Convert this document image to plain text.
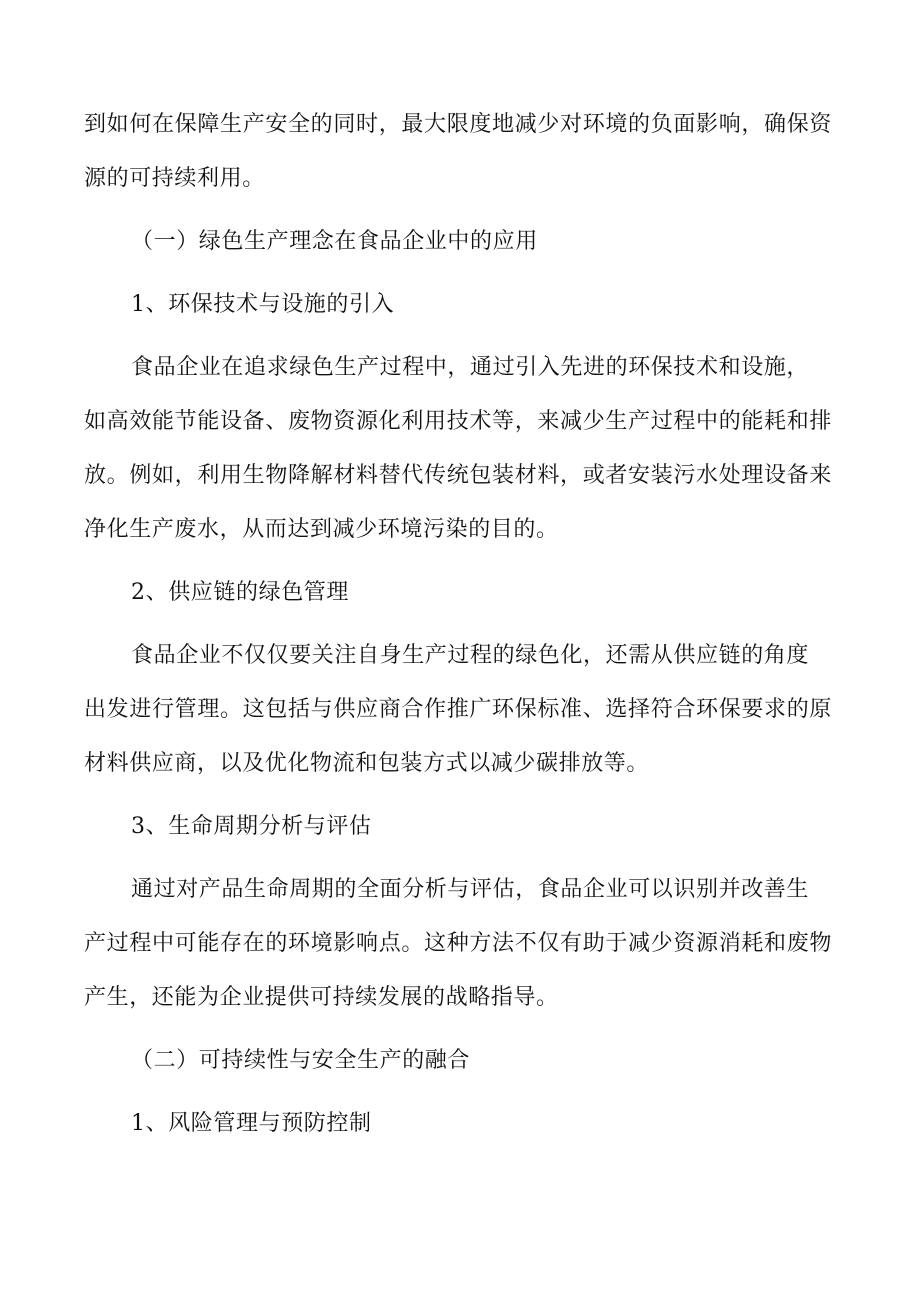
到如何在保障生产安全的同时，最大限度地减少对环境的负面影响，确保资
源的可持续利用。
（一）绿色生产理念在食品企业中的应用
1、环保技术与设施的引入
食品企业在追求绿色生产过程中，通过引入先进的环保技术和设施，
如高效能节能设备、废物资源化利用技术等，来减少生产过程中的能耗和排
放。例如，利用生物降解材料替代传统包装材料，或者安装污水处理设备来
净化生产废水，从而达到减少环境污染的目的。
2、供应链的绿色管理
食品企业不仅仅要关注自身生产过程的绿色化，还需从供应链的角度
出发进行管理。这包括与供应商合作推广环保标准、选择符合环保要求的原
材料供应商，以及优化物流和包装方式以减少碳排放等。
3、生命周期分析与评估
通过对产品生命周期的全面分析与评估，食品企业可以识别并改善生
产过程中可能存在的环境影响点。这种方法不仅有助于减少资源消耗和废物
产生，还能为企业提供可持续发展的战略指导。
（二）可持续性与安全生产的融合
1、风险管理与预防控制
